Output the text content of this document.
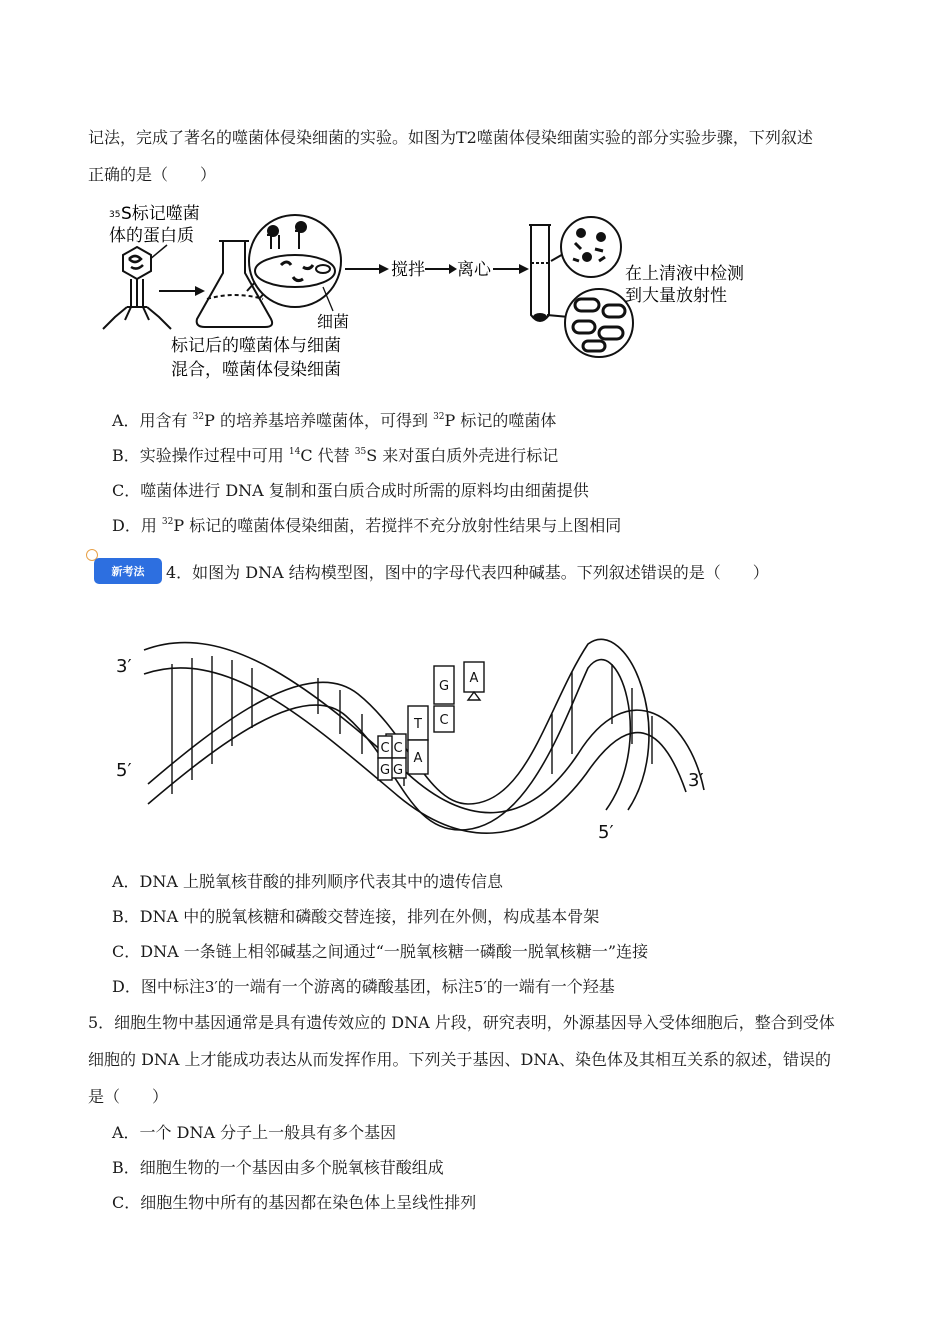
记法，完成了著名的噬菌体侵染细菌的实验。如图为T2噬菌体侵染细菌实验的部分实验步骤，下列叙述
正确的是（　　）
35 S标记噬菌
体的蛋白质
细菌
标记后的噬菌体与细菌
混合，噬菌体侵染细菌
搅拌 离心	在上清液中检测
到大量放射性
A．用含有 $^{32}$P 的培养基培养噬菌体，可得到 $^{32}$P 标记的噬菌体
B．实验操作过程中可用 $^{14}$C 代替 $^{35}$S 来对蛋白质外壳进行标记
C．噬菌体进行 DNA 复制和蛋白质合成时所需的原料均由细菌提供
D．用 $^{32}$P 标记的噬菌体侵染细菌，若搅拌不充分放射性结果与上图相同
新考法	4．如图为 DNA 结构模型图，图中的字母代表四种碱基。下列叙述错误的是（　　）
A
G
T C
C
G
C
A
G
3′
5′	3′
5′
A．DNA 上脱氧核苷酸的排列顺序代表其中的遗传信息
B．DNA 中的脱氧核糖和磷酸交替连接，排列在外侧，构成基本骨架
C．DNA 一条链上相邻碱基之间通过“一脱氧核糖一磷酸一脱氧核糖一”连接
D．图中标注3′的一端有一个游离的磷酸基团，标注5′的一端有一个羟基
5．细胞生物中基因通常是具有遗传效应的 DNA 片段，研究表明，外源基因导入受体细胞后，整合到受体
细胞的 DNA 上才能成功表达从而发挥作用。下列关于基因、DNA、染色体及其相互关系的叙述，错误的
是（　　）
A．一个 DNA 分子上一般具有多个基因
B．细胞生物的一个基因由多个脱氧核苷酸组成
C．细胞生物中所有的基因都在染色体上呈线性排列
